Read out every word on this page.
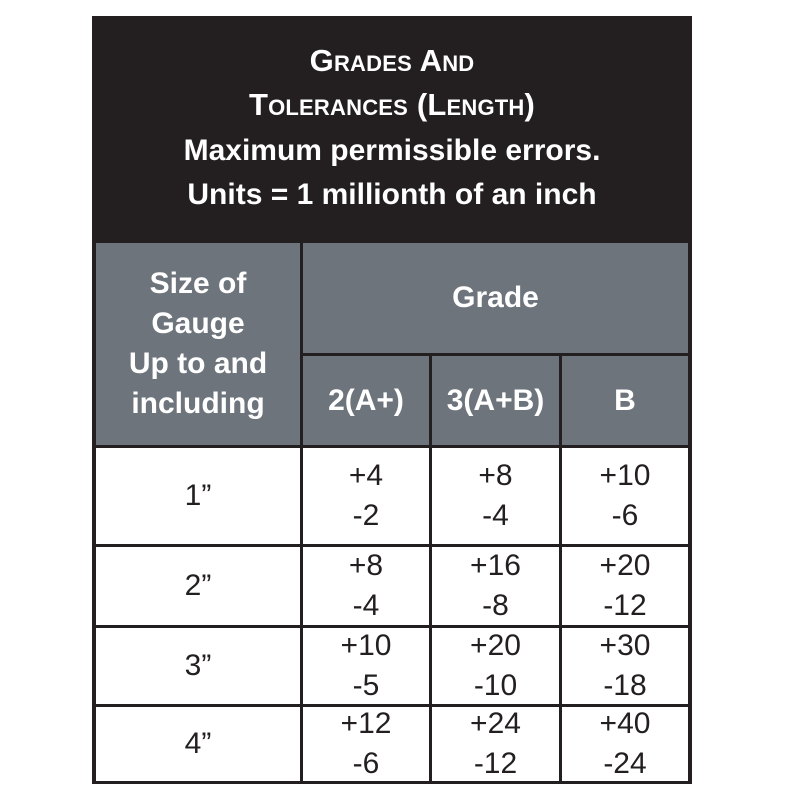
Grades And
Tolerances (Length)
Maximum permissible errors.
Units = 1 millionth of an inch
Size of
Gauge
Up to and
including
Grade
2(A+) 3(A+B) B
1”
+4
-2
+8
-4
+10
-6
2”
+8
-4
+16
-8
+20
-12
3”
+10
-5
+20
-10
+30
-18
4”
+12
-6
+24
-12
+40
-24
